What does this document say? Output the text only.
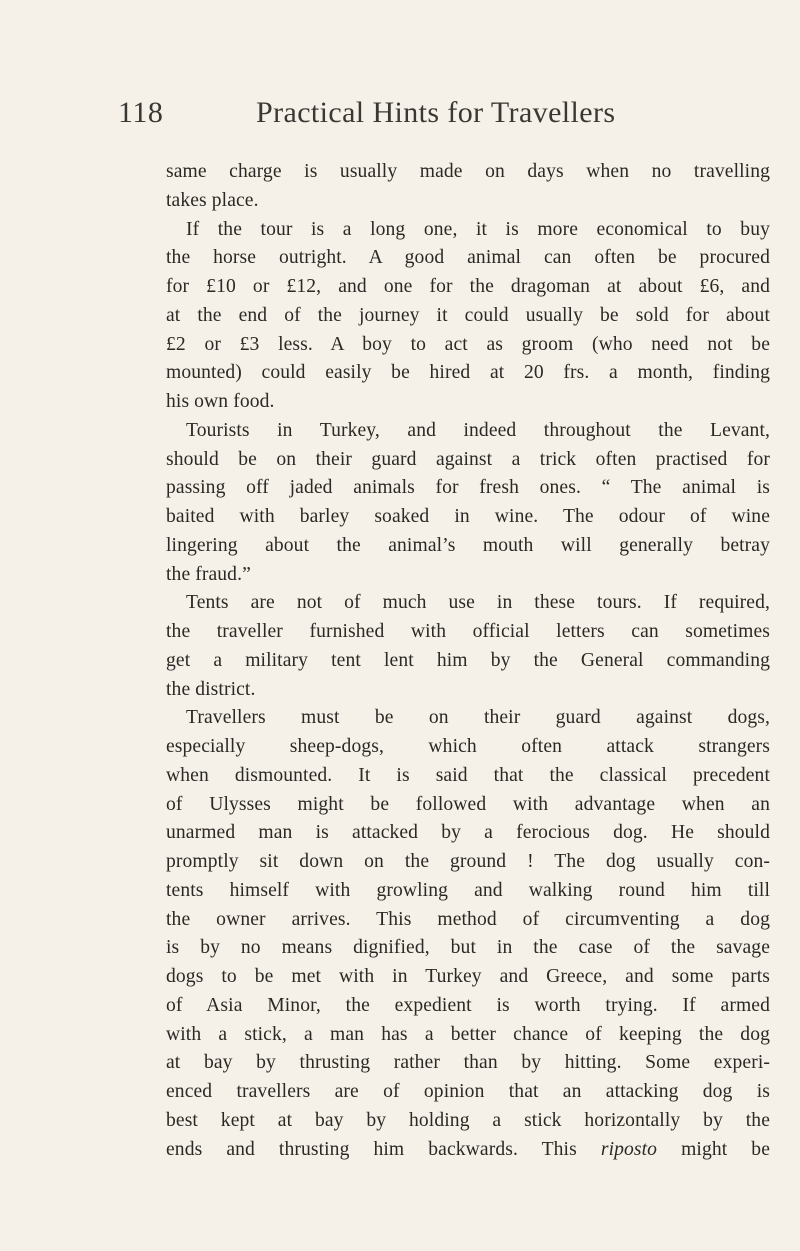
118	Practical Hints for Travellers
same charge is usually made on days when no travelling
takes place.
If the tour is a long one, it is more economical to buy
the horse outright. A good animal can often be procured
for £10 or £12, and one for the dragoman at about £6, and
at the end of the journey it could usually be sold for about
£2 or £3 less. A boy to act as groom (who need not be
mounted) could easily be hired at 20 frs. a month, finding
his own food.
Tourists in Turkey, and indeed throughout the Levant,
should be on their guard against a trick often practised for
passing off jaded animals for fresh ones. “ The animal is
baited with barley soaked in wine. The odour of wine
lingering about the animal’s mouth will generally betray
the fraud.”
Tents are not of much use in these tours. If required,
the traveller furnished with official letters can sometimes
get a military tent lent him by the General commanding
the district.
Travellers must be on their guard against dogs,
especially sheep-dogs, which often attack strangers
when dismounted. It is said that the classical precedent
of Ulysses might be followed with advantage when an
unarmed man is attacked by a ferocious dog. He should
promptly sit down on the ground ! The dog usually con-
tents himself with growling and walking round him till
the owner arrives. This method of circumventing a dog
is by no means dignified, but in the case of the savage
dogs to be met with in Turkey and Greece, and some parts
of Asia Minor, the expedient is worth trying. If armed
with a stick, a man has a better chance of keeping the dog
at bay by thrusting rather than by hitting. Some experi-
enced travellers are of opinion that an attacking dog is
best kept at bay by holding a stick horizontally by the
ends and thrusting him backwards. This riposto might be
